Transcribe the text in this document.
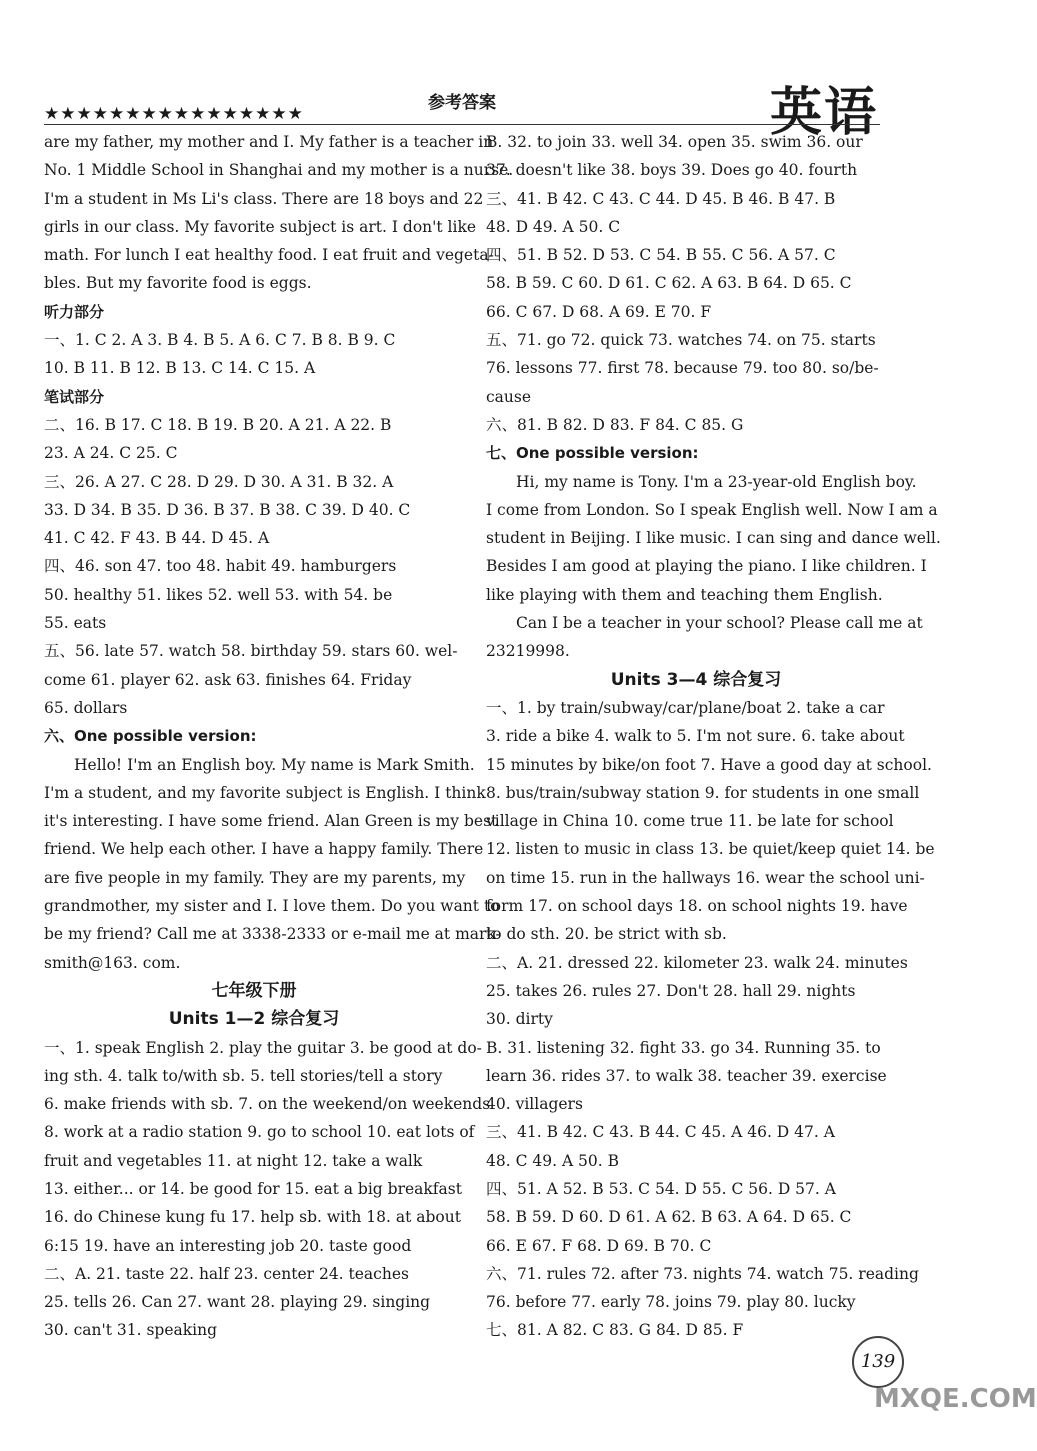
★★★★★★★★★★★★★★★★
参考答案	英语
are my father, my mother and I. My father is a teacher in
No. 1 Middle School in Shanghai and my mother is a nurse.
I'm a student in Ms Li's class. There are 18 boys and 22
girls in our class. My favorite subject is art. I don't like
math. For lunch I eat healthy food. I eat fruit and vegeta-
bles. But my favorite food is eggs.
听力部分
一、1. C 2. A 3. B 4. B 5. A 6. C 7. B 8. B 9. C
10. B 11. B 12. B 13. C 14. C 15. A
笔试部分
二、16. B 17. C 18. B 19. B 20. A 21. A 22. B
23. A 24. C 25. C
三、26. A 27. C 28. D 29. D 30. A 31. B 32. A
33. D 34. B 35. D 36. B 37. B 38. C 39. D 40. C
41. C 42. F 43. B 44. D 45. A
四、46. son 47. too 48. habit 49. hamburgers
50. healthy 51. likes 52. well 53. with 54. be
55. eats
五、56. late 57. watch 58. birthday 59. stars 60. wel-
come 61. player 62. ask 63. finishes 64. Friday
65. dollars
六、One possible version:
Hello! I'm an English boy. My name is Mark Smith.
I'm a student, and my favorite subject is English. I think
it's interesting. I have some friend. Alan Green is my best
friend. We help each other. I have a happy family. There
are five people in my family. They are my parents, my
grandmother, my sister and I. I love them. Do you want to
be my friend? Call me at 3338-2333 or e-mail me at mark-
smith@163. com.
七年级下册
Units 1—2 综合复习
一、1. speak English 2. play the guitar 3. be good at do-
ing sth. 4. talk to/with sb. 5. tell stories/tell a story
6. make friends with sb. 7. on the weekend/on weekends
8. work at a radio station 9. go to school 10. eat lots of
fruit and vegetables 11. at night 12. take a walk
13. either... or 14. be good for 15. eat a big breakfast
16. do Chinese kung fu 17. help sb. with 18. at about
6:15 19. have an interesting job 20. taste good
二、A. 21. taste 22. half 23. center 24. teaches
25. tells 26. Can 27. want 28. playing 29. singing
30. can't 31. speaking
B. 32. to join 33. well 34. open 35. swim 36. our
37. doesn't like 38. boys 39. Does go 40. fourth
三、41. B 42. C 43. C 44. D 45. B 46. B 47. B
48. D 49. A 50. C
四、51. B 52. D 53. C 54. B 55. C 56. A 57. C
58. B 59. C 60. D 61. C 62. A 63. B 64. D 65. C
66. C 67. D 68. A 69. E 70. F
五、71. go 72. quick 73. watches 74. on 75. starts
76. lessons 77. first 78. because 79. too 80. so/be-
cause
六、81. B 82. D 83. F 84. C 85. G
七、One possible version:
Hi, my name is Tony. I'm a 23-year-old English boy.
I come from London. So I speak English well. Now I am a
student in Beijing. I like music. I can sing and dance well.
Besides I am good at playing the piano. I like children. I
like playing with them and teaching them English.
Can I be a teacher in your school? Please call me at
23219998.
Units 3—4 综合复习
一、1. by train/subway/car/plane/boat 2. take a car
3. ride a bike 4. walk to 5. I'm not sure. 6. take about
15 minutes by bike/on foot 7. Have a good day at school.
8. bus/train/subway station 9. for students in one small
village in China 10. come true 11. be late for school
12. listen to music in class 13. be quiet/keep quiet 14. be
on time 15. run in the hallways 16. wear the school uni-
form 17. on school days 18. on school nights 19. have
to do sth. 20. be strict with sb.
二、A. 21. dressed 22. kilometer 23. walk 24. minutes
25. takes 26. rules 27. Don't 28. hall 29. nights
30. dirty
B. 31. listening 32. fight 33. go 34. Running 35. to
learn 36. rides 37. to walk 38. teacher 39. exercise
40. villagers
三、41. B 42. C 43. B 44. C 45. A 46. D 47. A
48. C 49. A 50. B
四、51. A 52. B 53. C 54. D 55. C 56. D 57. A
58. B 59. D 60. D 61. A 62. B 63. A 64. D 65. C
66. E 67. F 68. D 69. B 70. C
六、71. rules 72. after 73. nights 74. watch 75. reading
76. before 77. early 78. joins 79. play 80. lucky
七、81. A 82. C 83. G 84. D 85. F
139
MXQE.COM
